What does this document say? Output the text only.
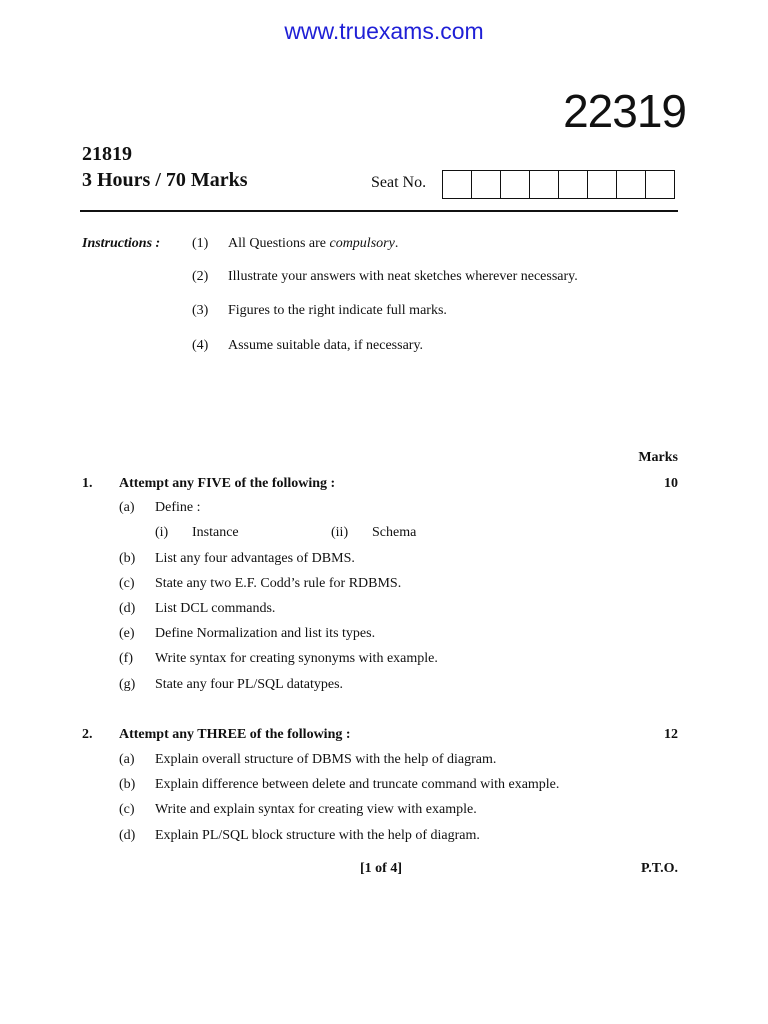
www.truexams.com
22319
21819
3 Hours / 70 Marks	Seat No.
Instructions : (1) All Questions are compulsory.
(2) Illustrate your answers with neat sketches wherever necessary.
(3) Figures to the right indicate full marks.
(4) Assume suitable data, if necessary.
Marks
1. Attempt any FIVE of the following :	10
(a) Define :
(i) Instance	(ii) Schema
(b) List any four advantages of DBMS.
(c) State any two E.F. Codd’s rule for RDBMS.
(d) List DCL commands.
(e) Define Normalization and list its types.
(f) Write syntax for creating synonyms with example.
(g) State any four PL/SQL datatypes.
2. Attempt any THREE of the following :	12
(a) Explain overall structure of DBMS with the help of diagram.
(b) Explain difference between delete and truncate command with example.
(c) Write and explain syntax for creating view with example.
(d) Explain PL/SQL block structure with the help of diagram.
[1 of 4]	P.T.O.
